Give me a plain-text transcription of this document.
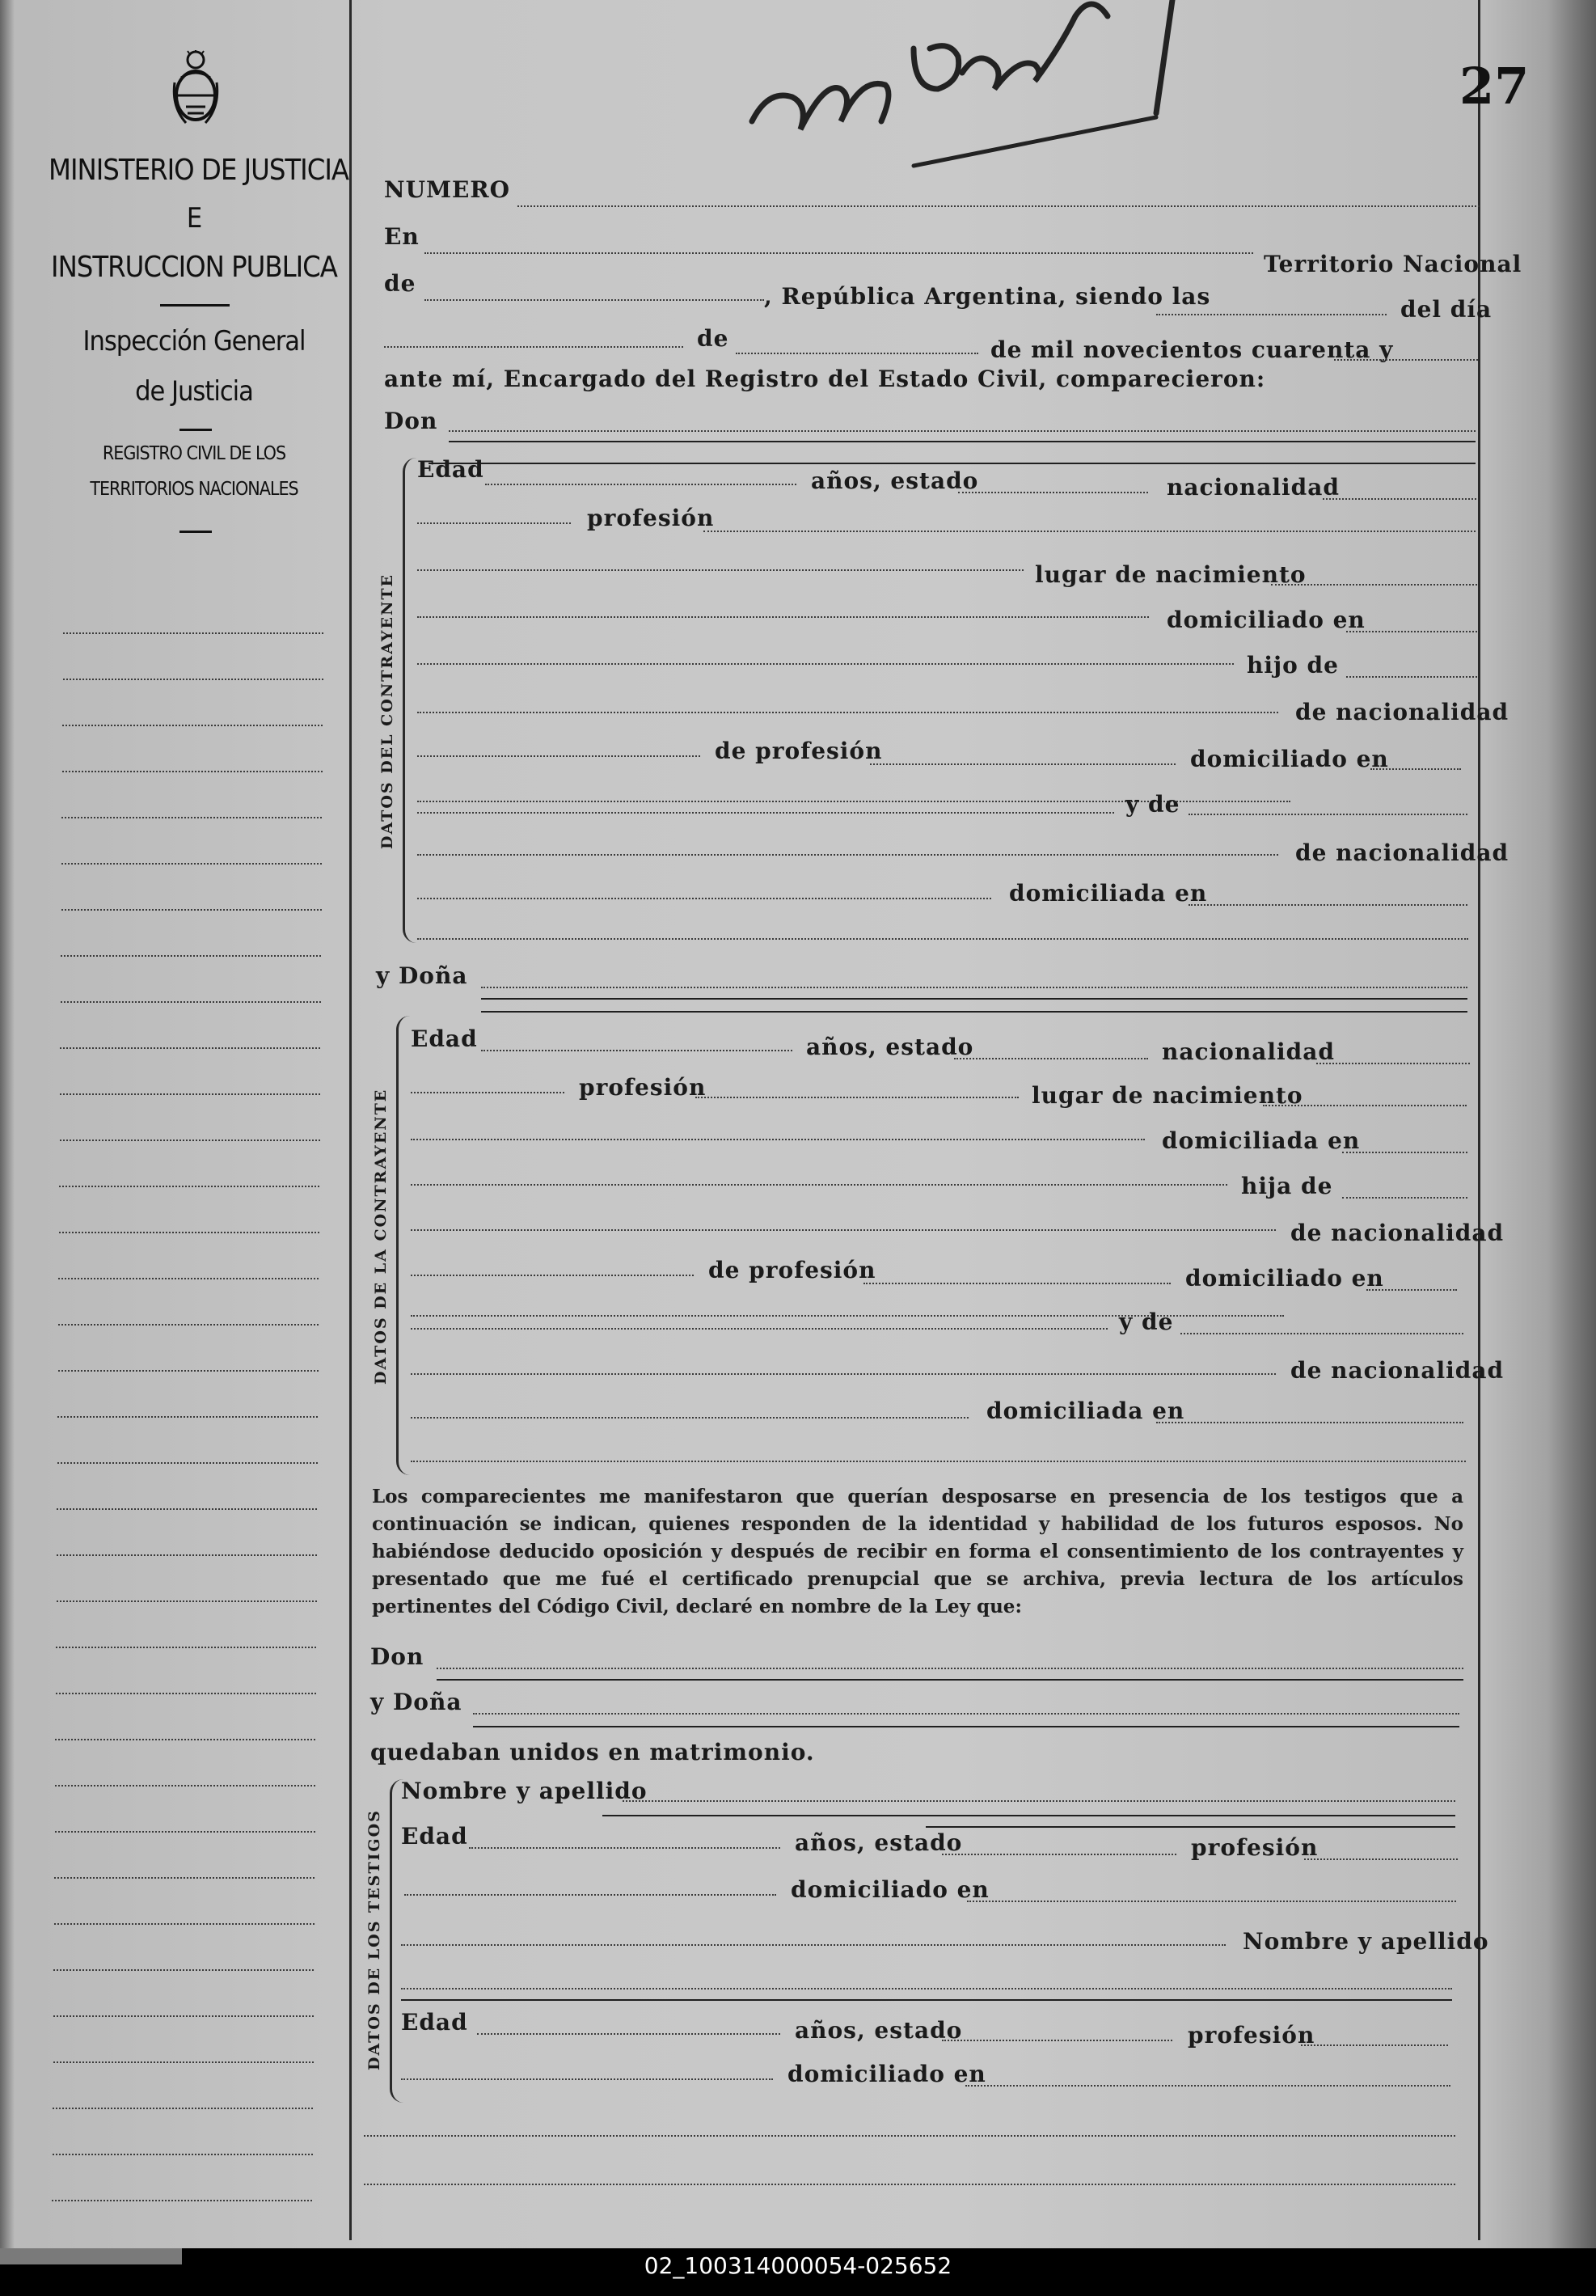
MINISTERIO DE JUSTICIA
E
INSTRUCCION PUBLICA
Inspección General
de Justicia
REGISTRO CIVIL DE LOS
TERRITORIOS NACIONALES
27
NUMERO
En
Territorio Nacional
de	, República Argentina, siendo las	del día
de	de mil novecientos cuarenta y
ante mí, Encargado del Registro del Estado Civil, comparecieron:
Don
DATOS DEL CONTRAYENTE
Edad	años, estado	nacionalidad
profesión
lugar de nacimiento
domiciliado en
hijo de
de nacionalidad
de profesión	domiciliado en
y de
de nacionalidad
domiciliada en
y Doña
DATOS DE LA CONTRAYENTE
Edad	años, estado	nacionalidad
profesión	lugar de nacimiento
domiciliada en
hija de
de nacionalidad
de profesión	domiciliado en
y de
de nacionalidad
domiciliada en
Los comparecientes me manifestaron que querían desposarse en presencia de los testigos que a continuación se indican, quienes responden de la identidad y habilidad de los futuros esposos. No habiéndose deducido oposición y después de recibir en forma el consentimiento de los contrayentes y presentado que me fué el certificado prenupcial que se archiva, previa lectura de los artículos pertinentes del Código Civil, declaré en nombre de la Ley que:
Don
y Doña
quedaban unidos en matrimonio.
DATOS DE LOS TESTIGOS
Nombre y apellido
Edad	años, estado	profesión
domiciliado en
Nombre y apellido
Edad	años, estado	profesión
domiciliado en
02_100314000054-025652
